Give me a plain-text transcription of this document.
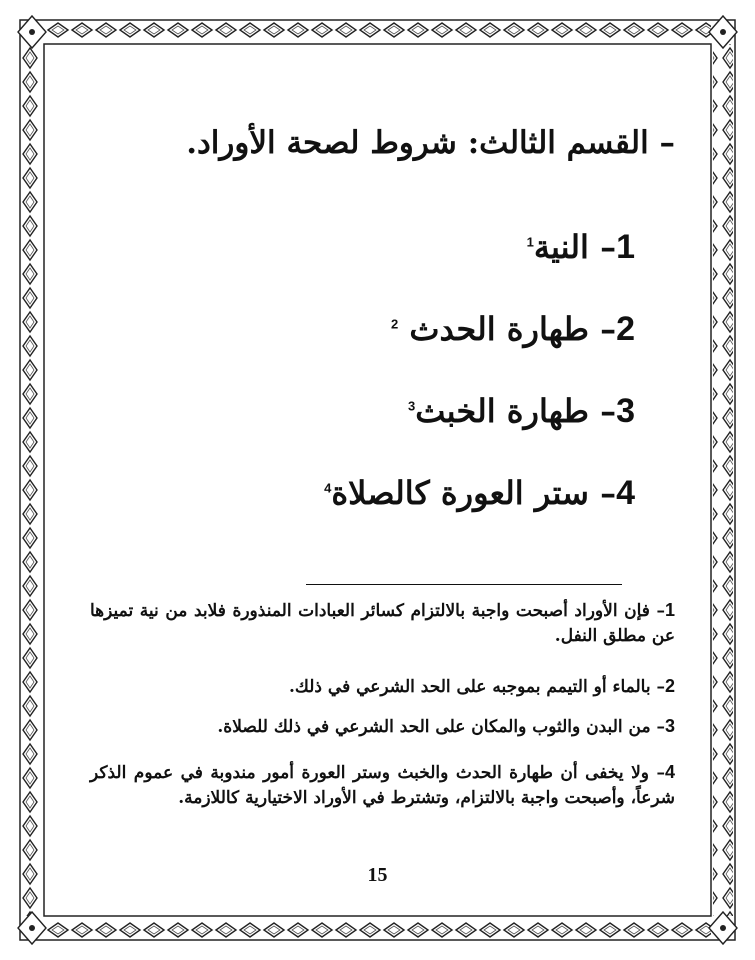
– القسم الثالث: شروط لصحة الأوراد.
1– النية$^1$
2– طهارة الحدث $^2$
3– طهارة الخبث$^3$
4– ستر العورة كالصلاة$^4$
1– فإن الأوراد أصبحت واجبة بالالتزام كسائر العبادات المنذورة فلابد من نية تميزها عن مطلق النفل.
2– بالماء أو التيمم بموجبه على الحد الشرعي في ذلك.
3– من البدن والثوب والمكان على الحد الشرعي في ذلك للصلاة.
4– ولا يخفى أن طهارة الحدث والخبث وستر العورة أمور مندوبة في عموم الذكر شرعاً، وأصبحت واجبة بالالتزام، وتشترط في الأوراد الاختيارية كاللازمة.
15
